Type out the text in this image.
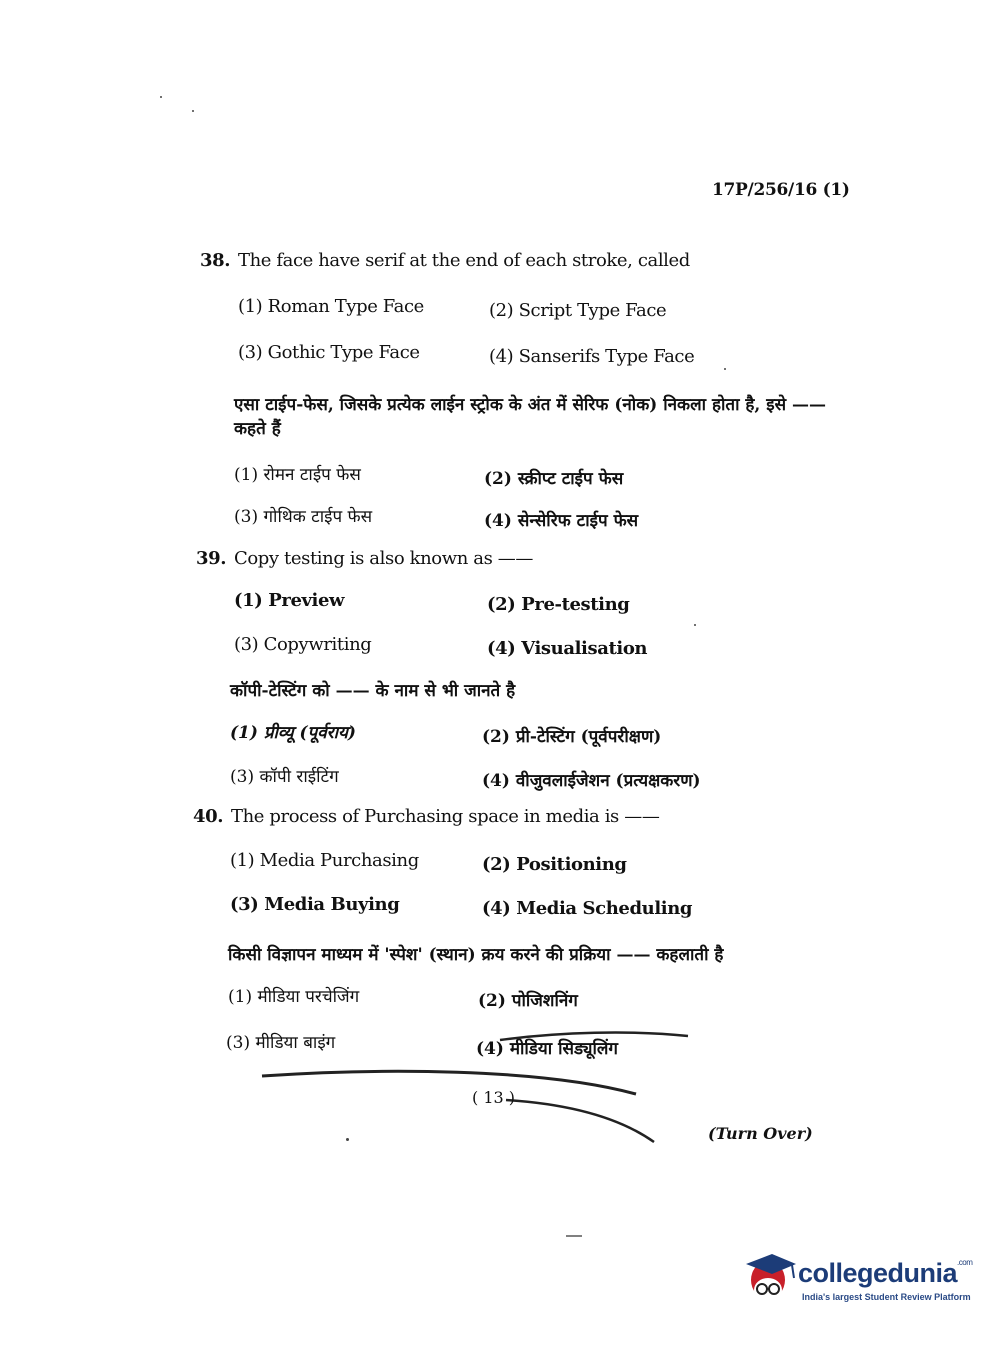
17P/256/16 (1)
38. The face have serif at the end of each stroke, called
(1) Roman Type Face	(2) Script Type Face
(3) Gothic Type Face	(4) Sanserifs Type Face
एसा टाईप-फेस, जिसके प्रत्येक लाईन स्ट्रोक के अंत में सेरिफ (नोक) निकला होता है, इसे ——
कहते हैं
(1) रोमन टाईप फेस	(2) स्क्रीप्ट टाईप फेस
(3) गोथिक टाईप फेस	(4) सेन्सेरिफ टाईप फेस
39. Copy testing is also known as ——
(1) Preview	(2) Pre-testing
(3) Copywriting	(4) Visualisation
कॉपी-टेस्टिंग को —— के नाम से भी जानते है
(1) प्रीव्यू (पूर्वराय)	(2) प्री-टेस्टिंग (पूर्वपरीक्षण)
(3) कॉपी राईटिंग	(4) वीजुवलाईजेशन (प्रत्यक्षकरण)
40. The process of Purchasing space in media is ——
(1) Media Purchasing	(2) Positioning
(3) Media Buying	(4) Media Scheduling
किसी विज्ञापन माध्यम में 'स्पेश' (स्थान) क्रय करने की प्रक्रिया —— कहलाती है
(1) मीडिया परचेजिंग	(2) पोजिशनिंग
(3) मीडिया बाइंग	(4) मीडिया सिड्यूलिंग
( 13 )
(Turn Over)
collegedunia$^{.com}$
India's largest Student Review Platform
